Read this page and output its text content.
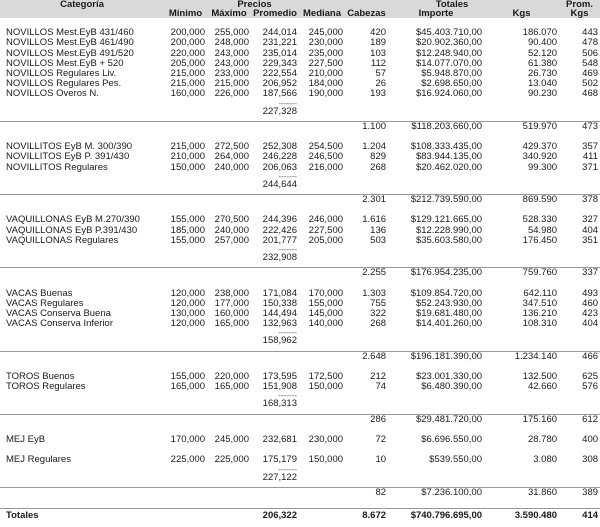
Categoría	Precios				Totales			Prom.
	Mínimo	Máximo	Promedio	Mediana	Cabezas	Importe	Kgs	Kgs

NOVILLOS Mest.EyB 431/460	200,000	255,000	244,014	245,000	420	$45.403.710,00	186.070	443
NOVILLOS Mest.EyB 461/490	200,000	248,000	231,221	230,000	189	$20.902.360,00	90.400	478
NOVILLOS Mest.EyB 491/520	220,000	243,000	235,014	235,000	103	$12.248.940,00	52.120	506
NOVILLOS Mest.EyB + 520	205,000	243,000	229,343	227,500	112	$14.077.070,00	61.380	548
NOVILLOS Regulares Liv.	215,000	233,000	222,554	210,000	57	$5.948.870,00	26.730	469
NOVILLOS Regulares Pes.	215,000	215,000	206,952	184,000	26	$2.698.650,00	13.040	502
NOVILLOS Overos N.	160,000	226,000	187,566	190,000	193	$16.924.060,00	90.230	468
			-------					
			227,328					

					1.100	$118.203.660,00	519.970	473

NOVILLITOS EyB M. 300/390	215,000	272,500	252,308	254,500	1.204	$108.333.435,00	429.370	357
NOVILLITOS EyB P. 391/430	210,000	264,000	246,228	246,500	829	$83.944.135,00	340.920	411
NOVILLITOS Regulares	150,000	240,000	206,063	216,000	268	$20.462.020,00	99.300	371
			-------					
			244,644					

					2.301	$212.739.590,00	869.590	378

VAQUILLONAS EyB M.270/390	155,000	270,500	244,396	246,000	1.616	$129.121.665,00	528.330	327
VAQUILLONAS EyB P.391/430	185,000	240,000	222,426	227,500	136	$12.228.990,00	54.980	404
VAQUILLONAS Regulares	155,000	257,000	201,777	205,000	503	$35.603.580,00	176.450	351
			-------					
			232,908					

					2.255	$176.954.235,00	759.760	337

VACAS Buenas	120,000	238,000	171,084	170,000	1.303	$109.854.720,00	642.110	493
VACAS Regulares	120,000	177,000	150,338	155,000	755	$52.243.930,00	347.510	460
VACAS Conserva Buena	130,000	160,000	144,494	145,000	322	$19.681.480,00	136.210	423
VACAS Conserva Inferior	120,000	165,000	132,963	140,000	268	$14.401.260,00	108.310	404
			-------					
			158,962					

					2.648	$196.181.390,00	1.234.140	466

TOROS Buenos	155,000	220,000	173,595	172,500	212	$23.001.330,00	132.500	625
TOROS Regulares	165,000	165,000	151,908	150,000	74	$6.480.390,00	42.660	576
			-------					
			168,313					

					286	$29.481.720,00	175.160	612

MEJ EyB	170,000	245,000	232,681	230,000	72	$6.696.550,00	28.780	400

MEJ Regulares	225,000	225,000	175,179	150,000	10	$539.550,00	3.080	308
			-------					
			227,122					

					82	$7.236.100,00	31.860	389

Totales			206,322		8.672	$740.796.695,00	3.590.480	414
